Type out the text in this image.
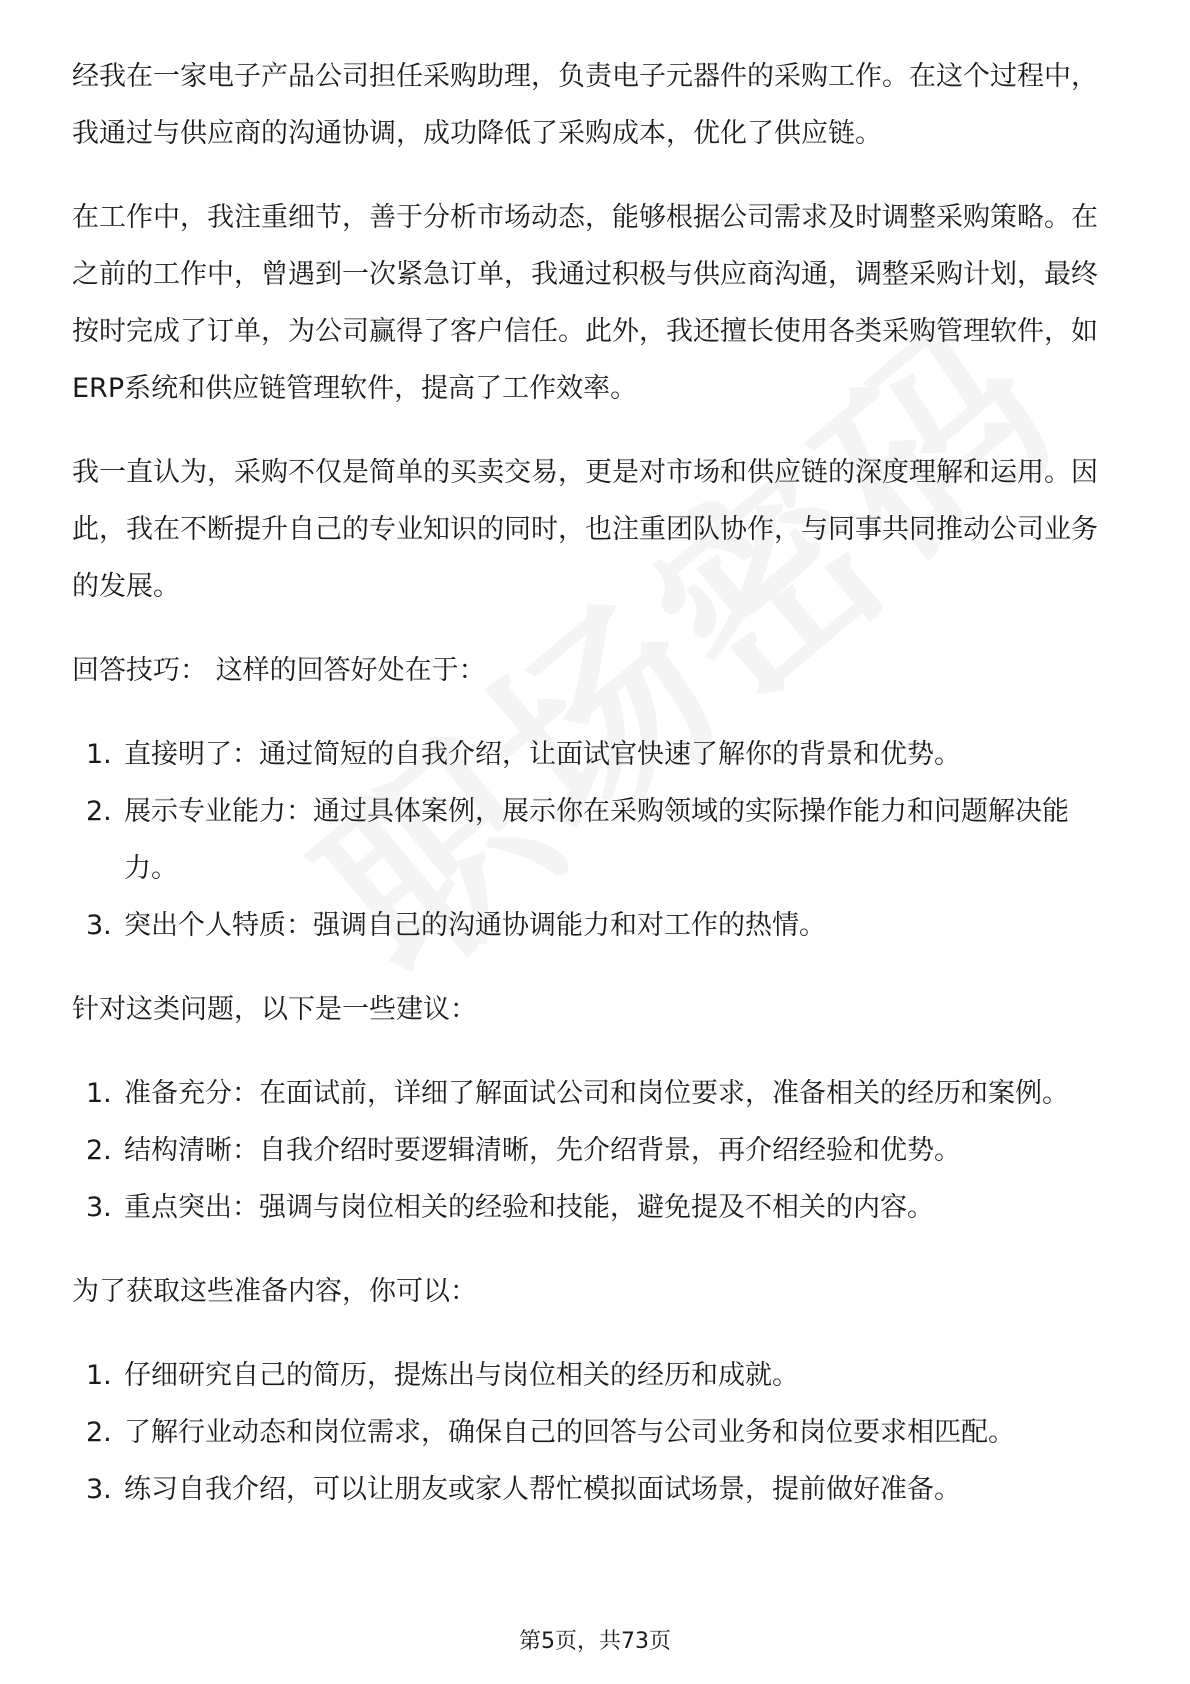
经我在一家电子产品公司担任采购助理，负责电子元器件的采购工作。在这个过程中，我通过与供应商的沟通协调，成功降低了采购成本，优化了供应链。

在工作中，我注重细节，善于分析市场动态，能够根据公司需求及时调整采购策略。在之前的工作中，曾遇到一次紧急订单，我通过积极与供应商沟通，调整采购计划，最终按时完成了订单，为公司赢得了客户信任。此外，我还擅长使用各类采购管理软件，如ERP系统和供应链管理软件，提高了工作效率。

我一直认为，采购不仅是简单的买卖交易，更是对市场和供应链的深度理解和运用。因此，我在不断提升自己的专业知识的同时，也注重团队协作，与同事共同推动公司业务的发展。

回答技巧： 这样的回答好处在于：

1. 直接明了：通过简短的自我介绍，让面试官快速了解你的背景和优势。
2. 展示专业能力：通过具体案例，展示你在采购领域的实际操作能力和问题解决能力。
3. 突出个人特质：强调自己的沟通协调能力和对工作的热情。

针对这类问题，以下是一些建议：

1. 准备充分：在面试前，详细了解面试公司和岗位要求，准备相关的经历和案例。
2. 结构清晰：自我介绍时要逻辑清晰，先介绍背景，再介绍经验和优势。
3. 重点突出：强调与岗位相关的经验和技能，避免提及不相关的内容。

为了获取这些准备内容，你可以：

1. 仔细研究自己的简历，提炼出与岗位相关的经历和成就。
2. 了解行业动态和岗位需求，确保自己的回答与公司业务和岗位要求相匹配。
3. 练习自我介绍，可以让朋友或家人帮忙模拟面试场景，提前做好准备。
第5页，共73页
